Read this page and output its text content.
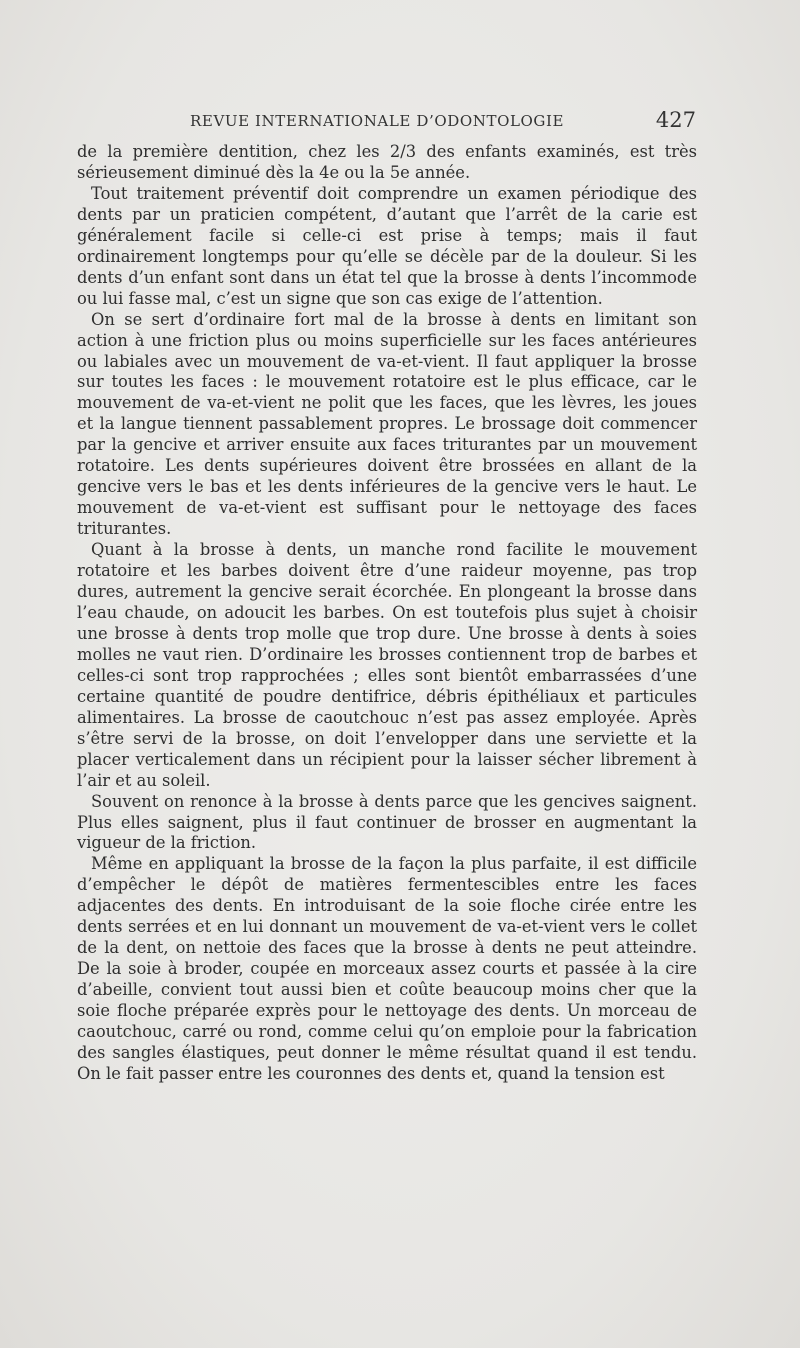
REVUE INTERNATIONALE D’ODONTOLOGIE	427

de la première dentition, chez les 2/3 des enfants examinés, est très sérieusement diminué dès la 4e ou la 5e année.

Tout traitement préventif doit comprendre un examen périodique des dents par un praticien compétent, d’autant que l’arrêt de la carie est généralement facile si celle-ci est prise à temps; mais il faut ordinairement longtemps pour qu’elle se décèle par de la douleur. Si les dents d’un enfant sont dans un état tel que la brosse à dents l’incommode ou lui fasse mal, c’est un signe que son cas exige de l’attention.

On se sert d’ordinaire fort mal de la brosse à dents en limitant son action à une friction plus ou moins superficielle sur les faces antérieures ou labiales avec un mouvement de va-et-vient. Il faut appliquer la brosse sur toutes les faces : le mouvement rotatoire est le plus efficace, car le mouvement de va-et-vient ne polit que les faces, que les lèvres, les joues et la langue tiennent passablement propres. Le brossage doit commencer par la gencive et arriver ensuite aux faces triturantes par un mouvement rotatoire. Les dents supérieures doivent être brossées en allant de la gencive vers le bas et les dents inférieures de la gencive vers le haut. Le mouvement de va-et-vient est suffisant pour le nettoyage des faces triturantes.

Quant à la brosse à dents, un manche rond facilite le mouvement rotatoire et les barbes doivent être d’une raideur moyenne, pas trop dures, autrement la gencive serait écorchée. En plongeant la brosse dans l’eau chaude, on adoucit les barbes. On est toutefois plus sujet à choisir une brosse à dents trop molle que trop dure. Une brosse à dents à soies molles ne vaut rien. D’ordinaire les brosses contiennent trop de barbes et celles-ci sont trop rapprochées ; elles sont bientôt embarrassées d’une certaine quantité de poudre dentifrice, débris épithéliaux et particules alimentaires. La brosse de caoutchouc n’est pas assez employée. Après s’être servi de la brosse, on doit l’envelopper dans une serviette et la placer verticalement dans un récipient pour la laisser sécher librement à l’air et au soleil.

Souvent on renonce à la brosse à dents parce que les gencives saignent. Plus elles saignent, plus il faut continuer de brosser en augmentant la vigueur de la friction.

Même en appliquant la brosse de la façon la plus parfaite, il est difficile d’empêcher le dépôt de matières fermentescibles entre les faces adjacentes des dents. En introduisant de la soie floche cirée entre les dents serrées et en lui donnant un mouvement de va-et-vient vers le collet de la dent, on nettoie des faces que la brosse à dents ne peut atteindre. De la soie à broder, coupée en morceaux assez courts et passée à la cire d’abeille, convient tout aussi bien et coûte beaucoup moins cher que la soie floche préparée exprès pour le nettoyage des dents. Un morceau de caoutchouc, carré ou rond, comme celui qu’on emploie pour la fabrication des sangles élastiques, peut donner le même résultat quand il est tendu. On le fait passer entre les couronnes des dents et, quand la tension est
